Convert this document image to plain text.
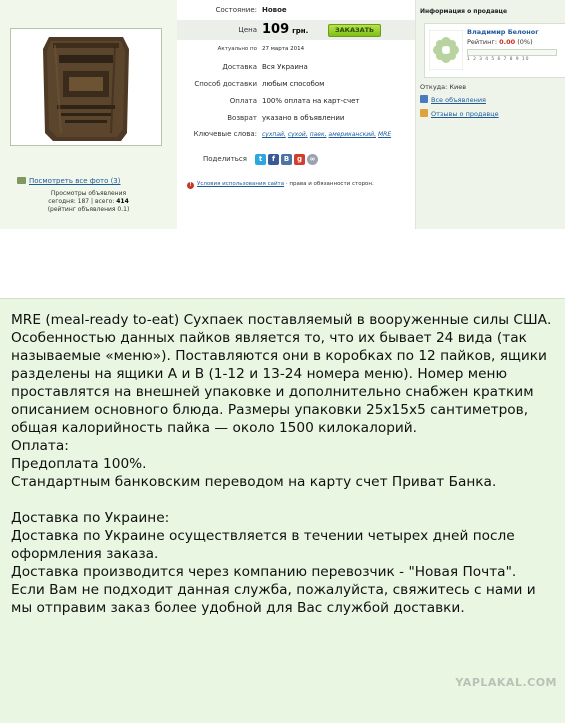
Посмотреть все фото (3)
Просмотры объявления
сегодня: 187 | всего: 414
(рейтинг объявления 0.1)
Состояние: Новое
Цена 109 грн.	ЗАКАЗАТЬ
Актуально по 27 марта 2014
Доставка Вся Украина
Способ доставки любым способом
Оплата 100% оплата на карт-счет
Возврат указано в объявлении
Ключевые слова: сухпай, сухой, паек, американский, MRE
Поделиться	t	f	B	g	∞
! Условия использования сайта · права и обязанности сторон.
Информация о продавце
Владимир Белоног
Рейтинг: 0.00 (0%)
1 2 3 4 5 6 7 8 9 10
Откуда: Киев
Все объявления
Отзывы о продавце

MRE (meal-ready to-eat) Сухпаек поставляемый в вооруженные силы США. Особенностью данных пайков является то, что их бывает 24 вида (так называемые «меню»). Поставляются они в коробках по 12 пайков, ящики разделены на ящики A и B (1-12 и 13-24 номера меню). Номер меню проставлятся на внешней упаковке и дополнительно снабжен кратким описанием основного блюда. Размеры упаковки 25x15x5 сантиметров, общая калорийность пайка — около 1500 килокалорий.
Оплата:
Предоплата 100%.
Стандартным банковским переводом на карту счет Приват Банка.

Доставка по Украине:
Доставка по Украине осуществляется в течении четырех дней после оформления заказа.
Доставка производится через компанию перевозчик - "Новая Почта".
Если Вам не подходит данная служба, пожалуйста, свяжитесь с нами и мы отправим заказ более удобной для Вас службой доставки.

YAPLAKAL.COM
